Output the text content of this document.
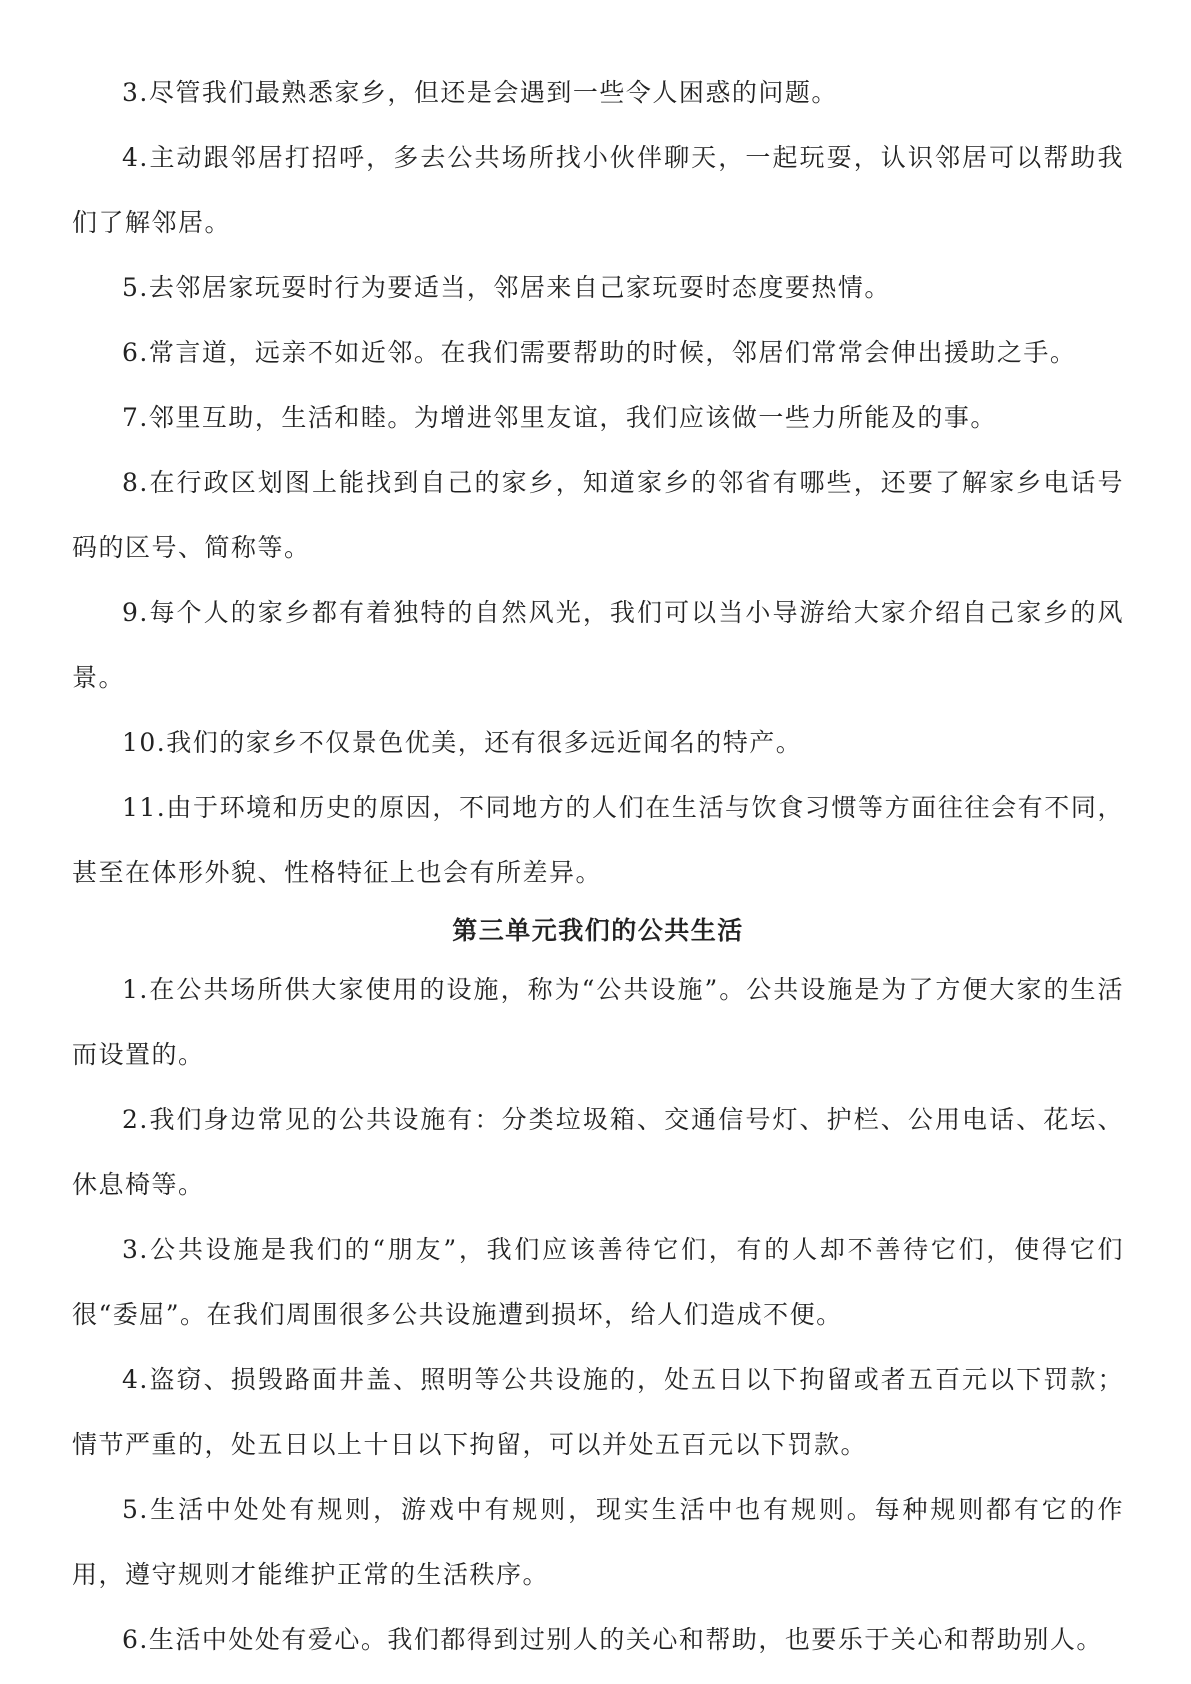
3.尽管我们最熟悉家乡，但还是会遇到一些令人困惑的问题。

4.主动跟邻居打招呼，多去公共场所找小伙伴聊天，一起玩耍，认识邻居可以帮助我们了解邻居。

5.去邻居家玩耍时行为要适当，邻居来自己家玩耍时态度要热情。

6.常言道，远亲不如近邻。在我们需要帮助的时候，邻居们常常会伸出援助之手。

7.邻里互助，生活和睦。为增进邻里友谊，我们应该做一些力所能及的事。

8.在行政区划图上能找到自己的家乡，知道家乡的邻省有哪些，还要了解家乡电话号码的区号、简称等。

9.每个人的家乡都有着独特的自然风光，我们可以当小导游给大家介绍自己家乡的风景。

10.我们的家乡不仅景色优美，还有很多远近闻名的特产。

11.由于环境和历史的原因，不同地方的人们在生活与饮食习惯等方面往往会有不同，甚至在体形外貌、性格特征上也会有所差异。

第三单元我们的公共生活

1.在公共场所供大家使用的设施，称为“公共设施”。公共设施是为了方便大家的生活而设置的。

2.我们身边常见的公共设施有：分类垃圾箱、交通信号灯、护栏、公用电话、花坛、休息椅等。

3.公共设施是我们的“朋友”，我们应该善待它们，有的人却不善待它们，使得它们很“委屈”。在我们周围很多公共设施遭到损坏，给人们造成不便。

4.盗窃、损毁路面井盖、照明等公共设施的，处五日以下拘留或者五百元以下罚款；情节严重的，处五日以上十日以下拘留，可以并处五百元以下罚款。

5.生活中处处有规则，游戏中有规则，现实生活中也有规则。每种规则都有它的作用，遵守规则才能维护正常的生活秩序。

6.生活中处处有爱心。我们都得到过别人的关心和帮助，也要乐于关心和帮助别人。
